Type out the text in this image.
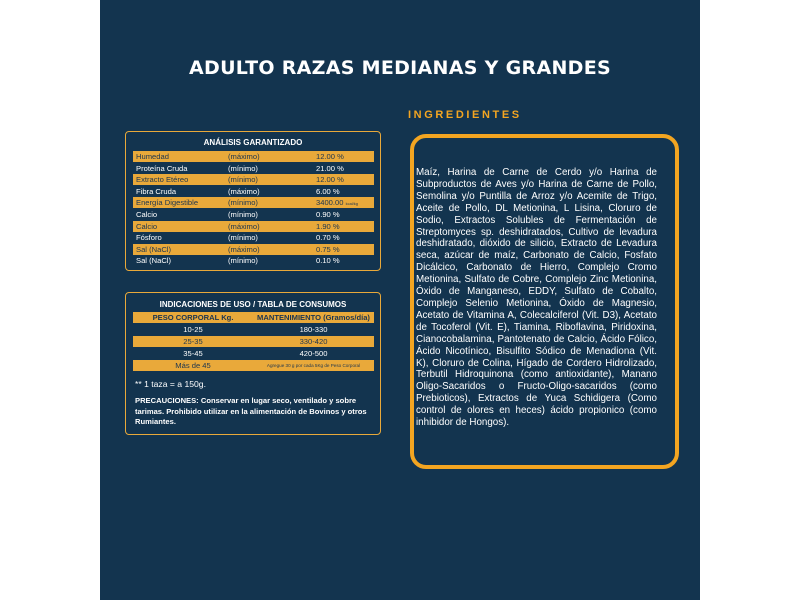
ADULTO RAZAS MEDIANAS Y GRANDES
ANÁLISIS GARANTIZADO
Humedad	(máximo)	12.00 %
Proteína Cruda	(mínimo)	21.00 %
Extracto Etéreo	(mínimo)	12.00 %
Fibra Cruda	(máximo)	6.00 %
Energía Digestible	(mínimo)	3400.00 kcal/kg
Calcio	(mínimo)	0.90 %
Calcio	(máximo)	1.90 %
Fósforo	(mínimo)	0.70 %
Sal (NaCl)	(máximo)	0.75 %
Sal (NaCl)	(mínimo)	0.10 %
INDICACIONES DE USO / TABLA DE CONSUMOS
PESO CORPORAL Kg.	MANTENIMIENTO (Gramos/día)
10-25	180-330
25-35	330-420
35-45	420-500
Más de 45	Agregue 30 g por cada 5Kg de Peso Corporal
** 1 taza = a 150g.
PRECAUCIONES: Conservar en lugar seco, ventilado y sobre tarimas. Prohibido utilizar en la alimentación de Bovinos y otros Rumiantes.
INGREDIENTES
Maíz, Harina de Carne de Cerdo y/o Harina de Subproductos de Aves y/o Harina de Carne de Pollo, Semolina y/o Puntilla de Arroz y/o Acemite de Trigo, Aceite de Pollo, DL Metionina, L Lisina, Cloruro de Sodio, Extractos Solubles de Fermentación de Streptomyces sp. deshidratados, Cultivo de levadura deshidratado, dióxido de silicio, Extracto de Levadura seca, azúcar de maíz, Carbonato de Calcio, Fosfato Dicálcico, Carbonato de Hierro, Complejo Cromo Metionina, Sulfato de Cobre, Complejo Zinc Metionina, Óxido de Manganeso, EDDY, Sulfato de Cobalto, Complejo Selenio Metionina, Óxido de Magnesio, Acetato de Vitamina A, Colecalciferol (Vit. D3), Acetato de Tocoferol (Vit. E), Tiamina, Riboflavina, Piridoxina, Cianocobalamina, Pantotenato de Calcio, Ácido Fólico, Ácido Nicotínico, Bisulfito Sódico de Menadiona (Vit. K), Cloruro de Colina, Hígado de Cordero Hidrolizado, Terbutil Hidroquinona (como antioxidante), Manano Oligo-Sacaridos o Fructo-Oligo-sacaridos (como Prebioticos), Extractos de Yuca Schidigera (Como control de olores en heces) ácido propionico (como inhibidor de Hongos).
